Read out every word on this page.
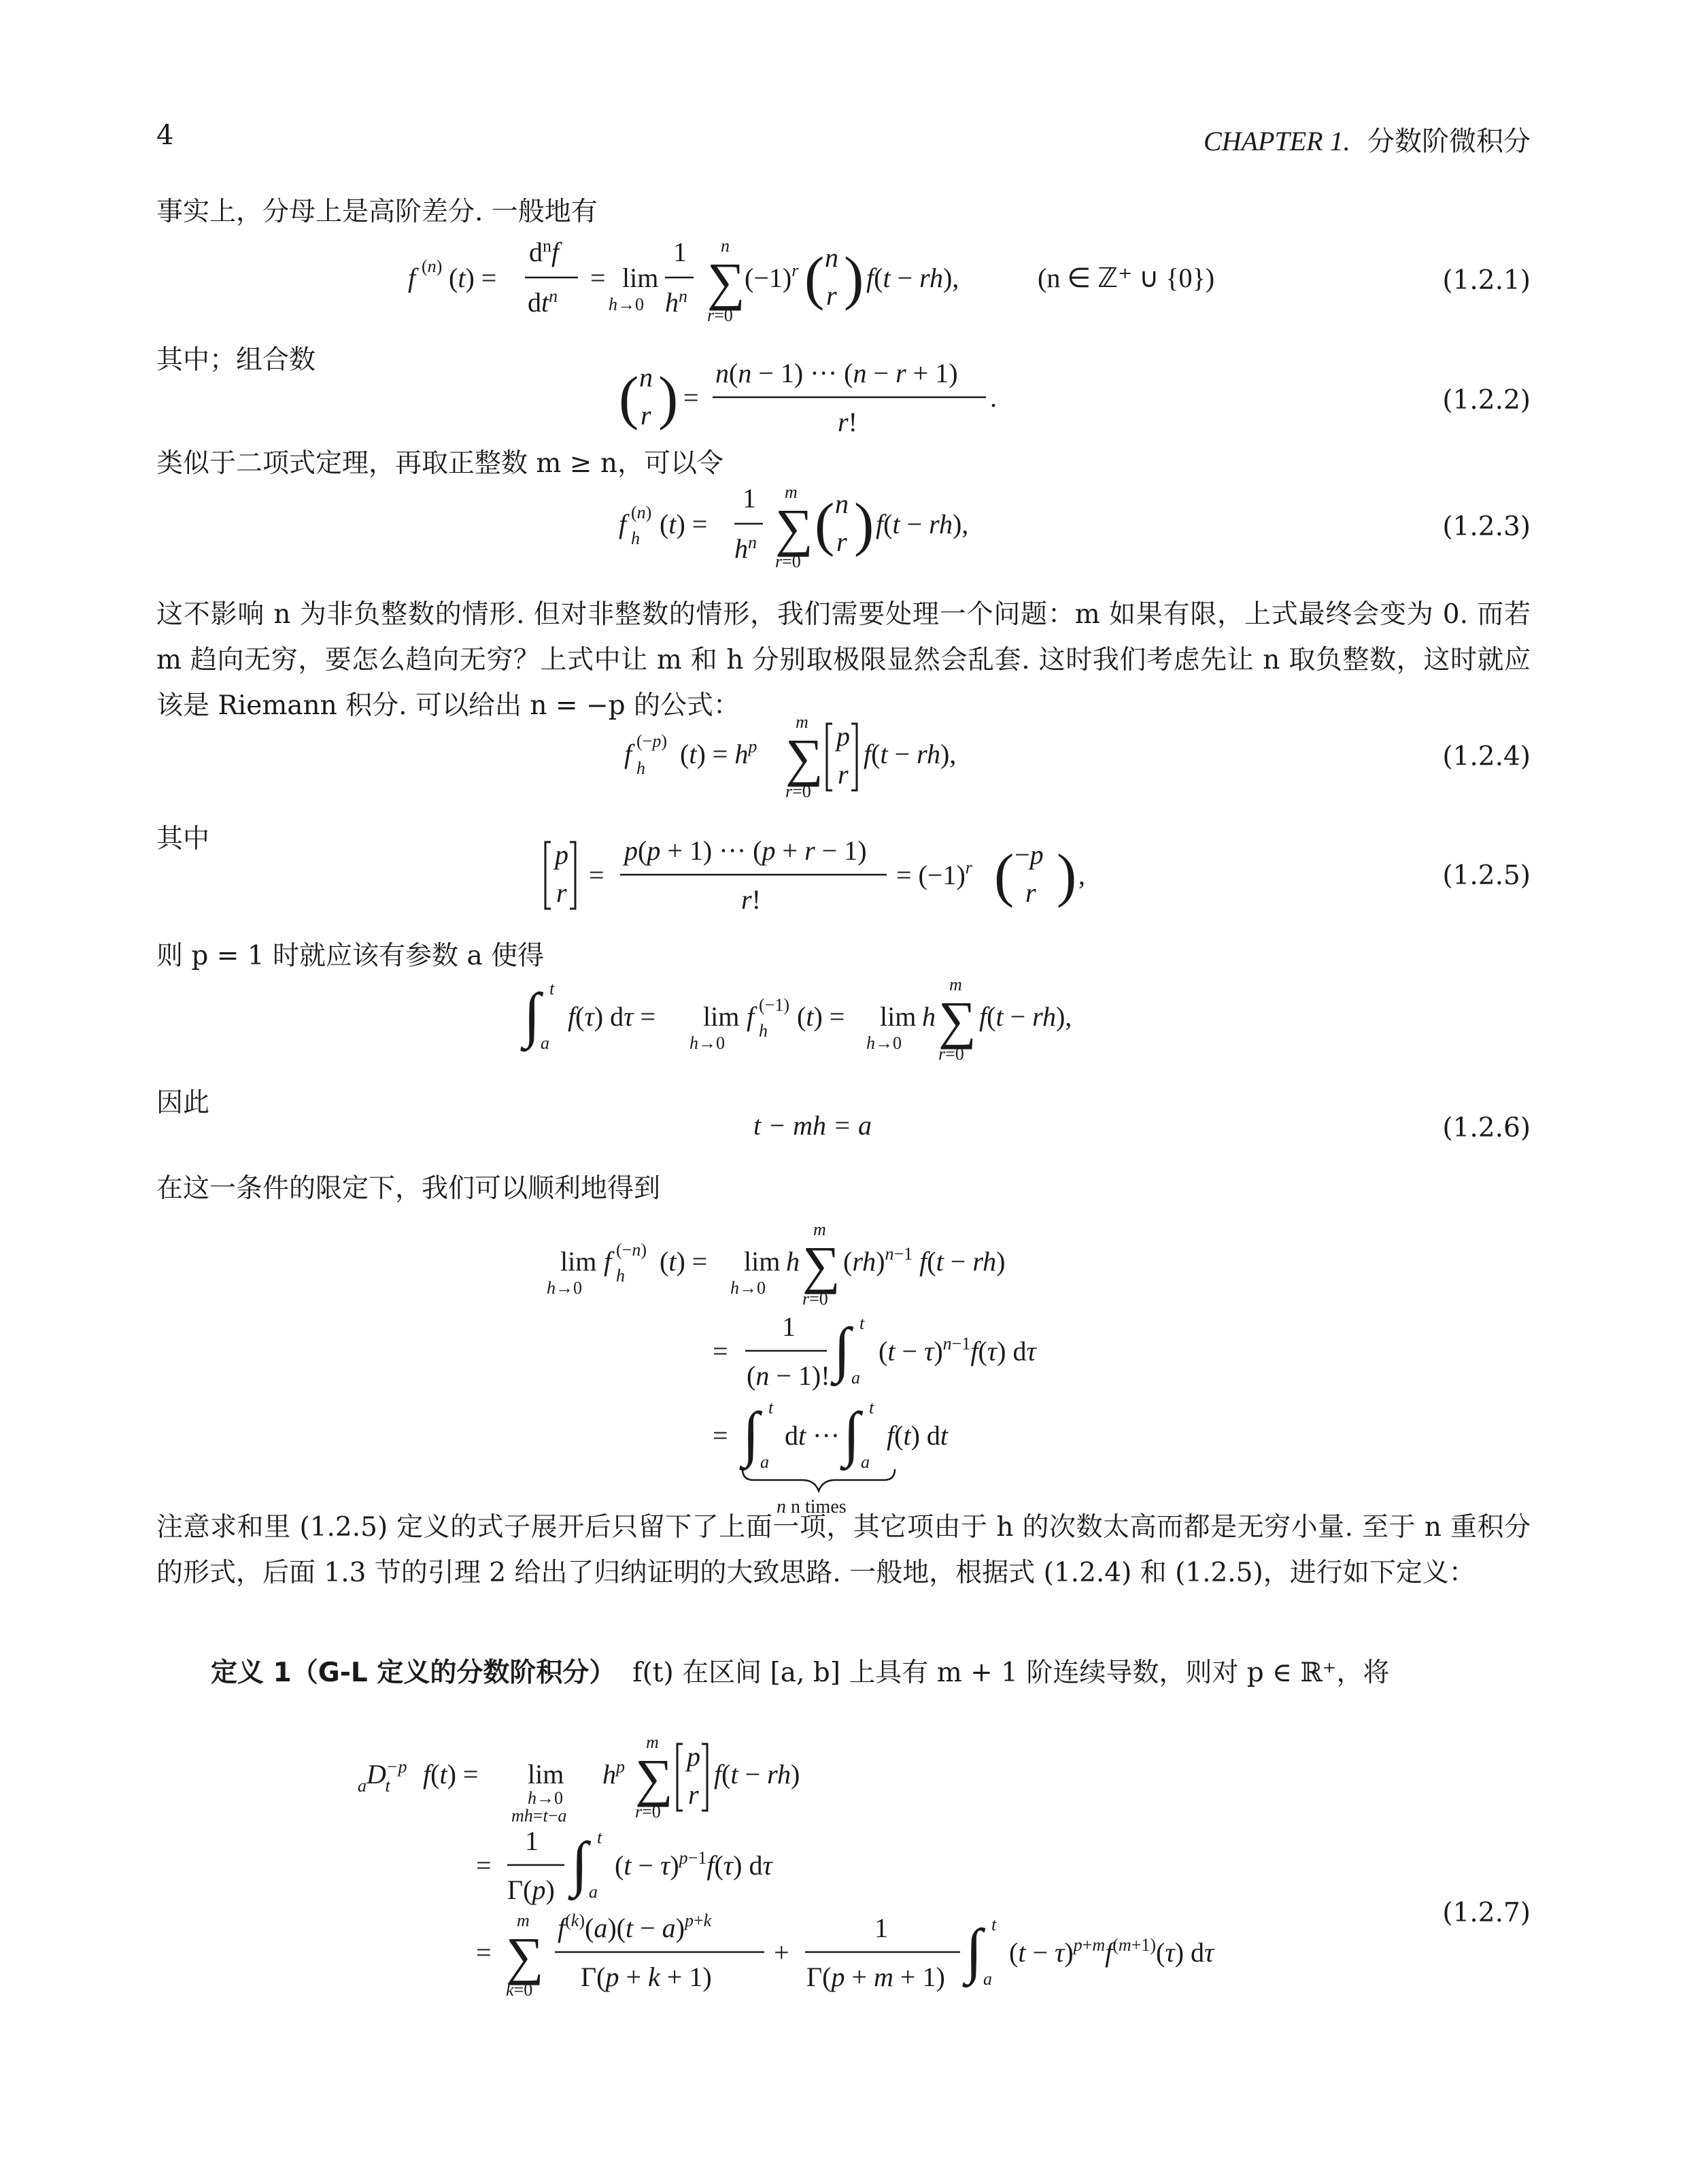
4	CHAPTER 1. 分数阶微积分
事实上，分母上是高阶差分. 一般地有
其中；组合数
类似于二项式定理，再取正整数 m ≥ n，可以令
这不影响 n 为非负整数的情形. 但对非整数的情形，我们需要处理一个问题：m 如果有限，上式最终会变为 0. 而若 m 趋向无穷，要怎么趋向无穷？上式中让 m 和 h 分别取极限显然会乱套. 这时我们考虑先让 n 取负整数，这时就应该是 Riemann 积分. 可以给出 n = −p 的公式：
其中
则 p = 1 时就应该有参数 a 使得
因此
在这一条件的限定下，我们可以顺利地得到
注意求和里 (1.2.5) 定义的式子展开后只留下了上面一项，其它项由于 h 的次数太高而都是无穷小量. 至于 n 重积分的形式，后面 1.3 节的引理 2 给出了归纳证明的大致思路. 一般地，根据式 (1.2.4) 和 (1.2.5)，进行如下定义：
定义 1（G-L 定义的分数阶积分） f(t) 在区间 [a, b] 上具有 m + 1 阶连续导数，则对 p ∈ ℝ⁺，将
(1.2.1)
(1.2.2)
(1.2.3)
(1.2.4)
(1.2.5)
(1.2.6)
(1.2.7)
f (n) (t) =
$d^nf$
$dt^n$
= lim
h→0
1
$h^n$ ∑
n
r=0
$(-1)^r$ ( n
r ) f(t − rh),	(n ∈ ℤ⁺ ∪ {0})
( n
r ) =
n(n − 1) ··· (n − r + 1)
r!
.
f (n)
h (t) =
1
$h^n$ ∑
m
r=0
( n
r ) f(t − rh),
f (−p)
h $(t) = h^p$ ∑
m
r=0
p
r
f(t − rh),
p
r
=
p(p + 1) ··· (p + r − 1)
r!
= $(-1)^r$ ( −p
r ) ,
∫ t
a
f(τ) dτ = lim
h→0
f (−1)
h (t) = lim
h→0
h ∑
m
r=0
f(t − rh),
t − mh = a
lim
h→0
f (−n)
h (t) = lim
h→0
h ∑
m
r=0
(rh)$^{n-1}$ f(t − rh)
=
1
(n − 1)! ∫ t
a
$(t - \tau)^{n-1}f(\tau)$ dτ
= ∫ t
a
dt ··· ∫ t
a
f(t) dt
n n times
$_aD^{-p}$ t	f(t) = lim
h→0
mh=t−a
$h^p$ ∑
m
r=0
p
r
f(t − rh)
=
1
Γ(p) ∫ t
a
$(t - \tau)^{p-1}f(\tau)$ dτ
= ∑
m
k=0
$f^{(k)}(a)(t - a)^{p+k}$
Γ(p + k + 1)
+
1
Γ(p + m + 1) ∫ t
a
$(t - \tau)^{p+m}f^{(m+1)}(\tau)$ dτ
